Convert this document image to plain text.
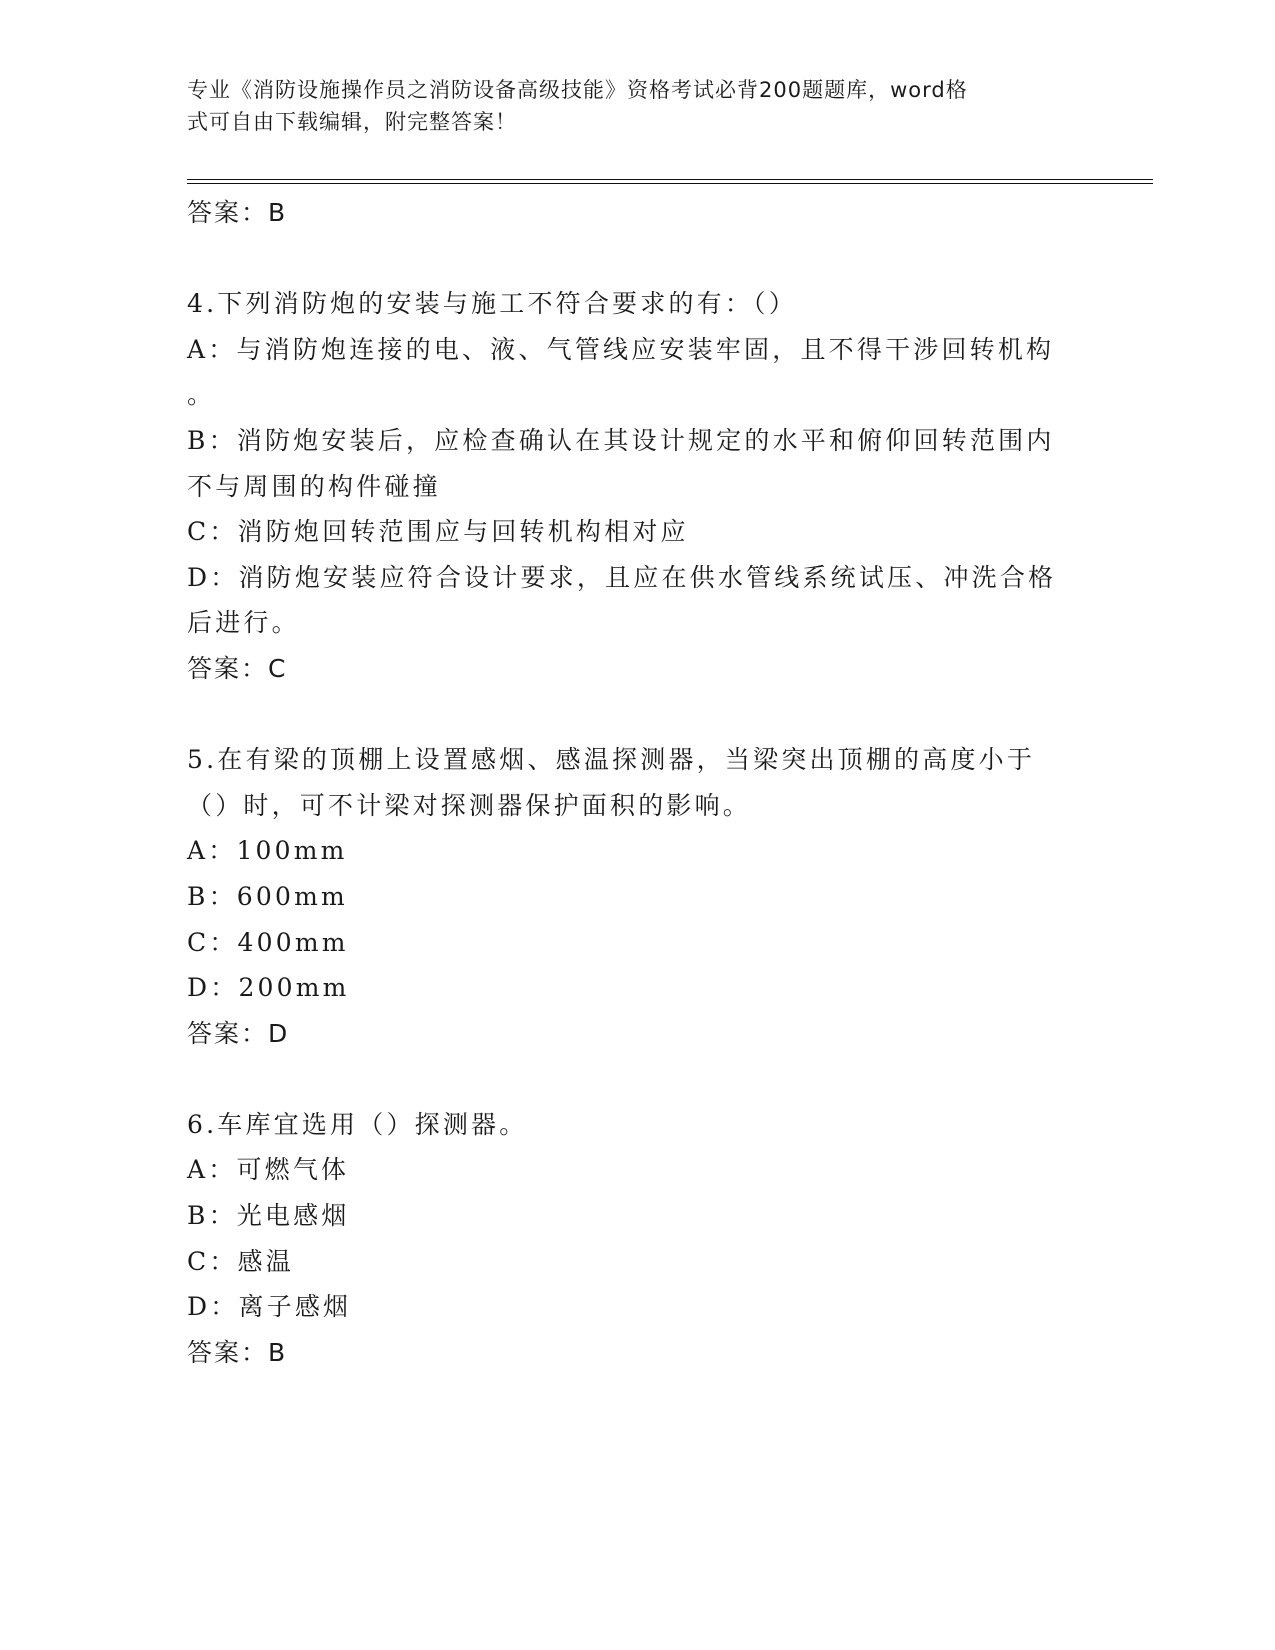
专业《消防设施操作员之消防设备高级技能》资格考试必背200题题库，word格
式可自由下载编辑，附完整答案！
答案：B
4.下列消防炮的安装与施工不符合要求的有：（）
A：与消防炮连接的电、液、气管线应安装牢固，且不得干涉回转机构
。
B：消防炮安装后，应检查确认在其设计规定的水平和俯仰回转范围内
不与周围的构件碰撞
C：消防炮回转范围应与回转机构相对应
D：消防炮安装应符合设计要求，且应在供水管线系统试压、冲洗合格
后进行。
答案：C
5.在有梁的顶棚上设置感烟、感温探测器，当梁突出顶棚的高度小于
（）时，可不计梁对探测器保护面积的影响。
A：100mm
B：600mm
C：400mm
D：200mm
答案：D
6.车库宜选用（）探测器。
A：可燃气体
B：光电感烟
C：感温
D：离子感烟
答案：B
